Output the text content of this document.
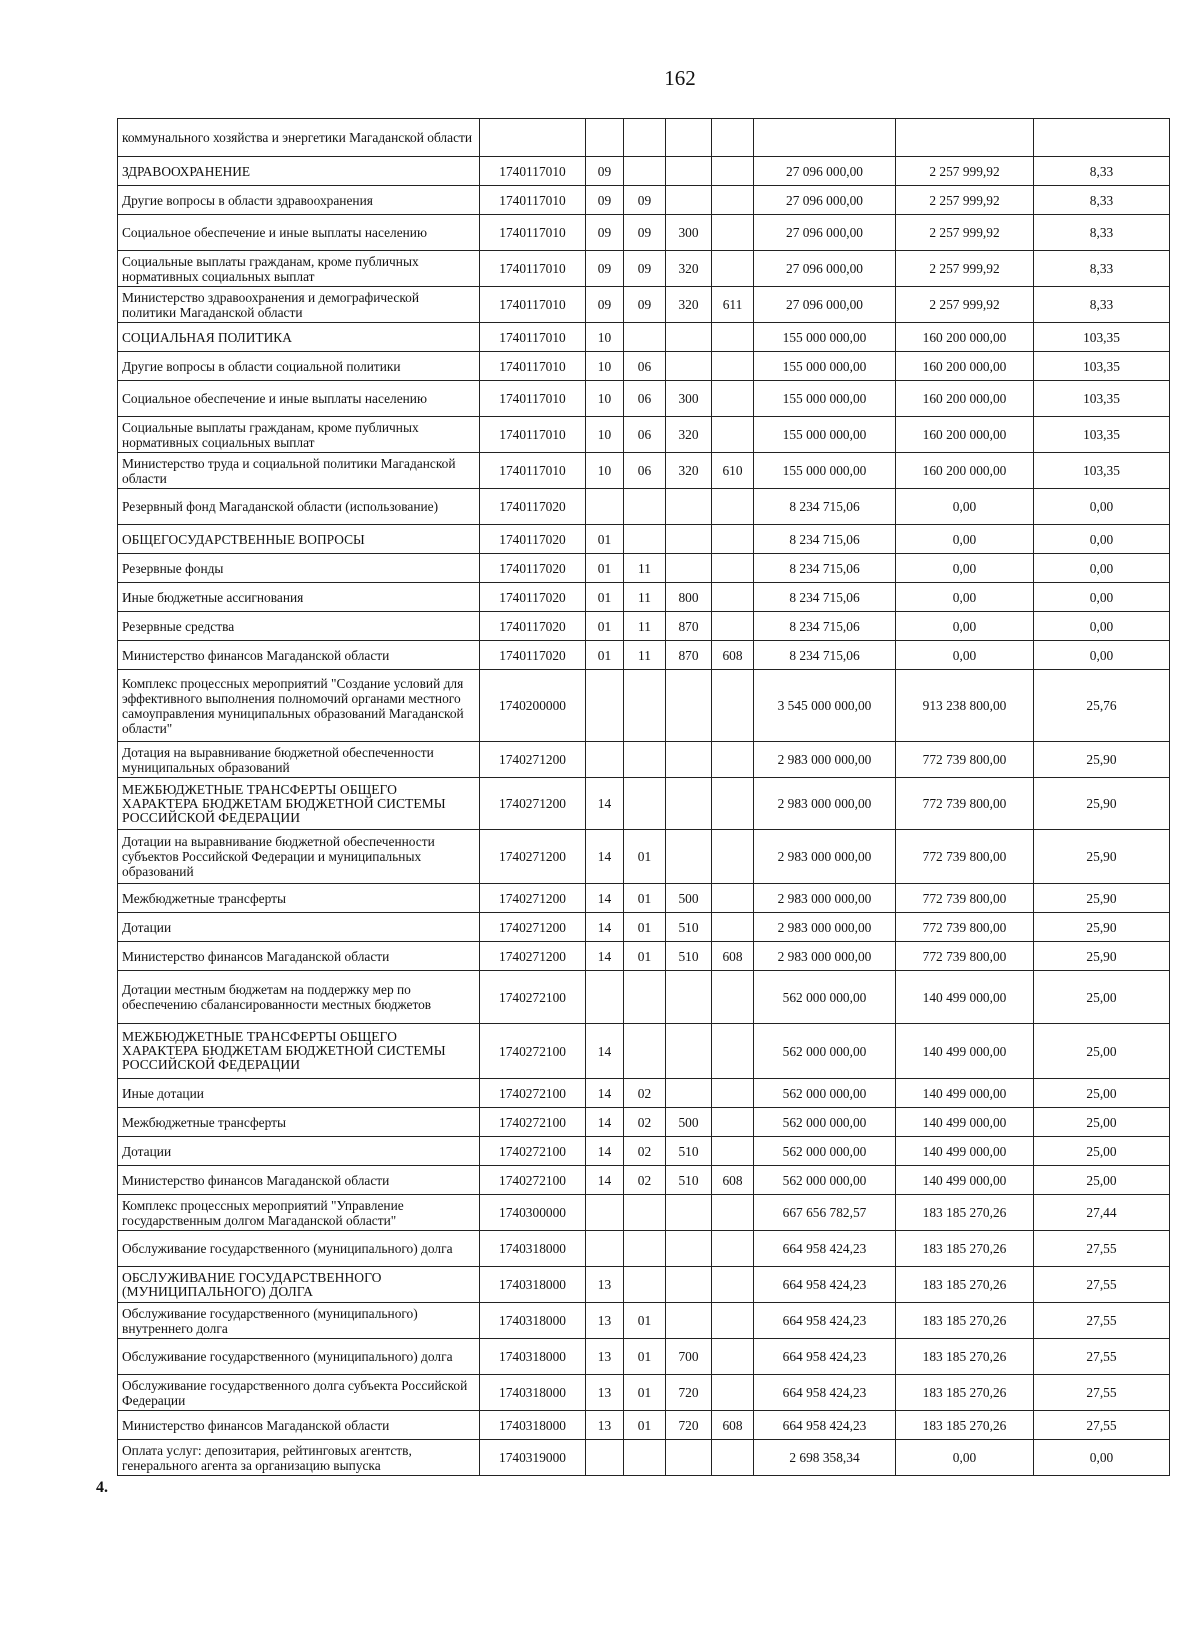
162
коммунального хозяйства и энергетики Магаданской области								
ЗДРАВООХРАНЕНИЕ	1740117010	09				27 096 000,00	2 257 999,92	8,33
Другие вопросы в области здравоохранения	1740117010	09	09			27 096 000,00	2 257 999,92	8,33
Социальное обеспечение и иные выплаты населению	1740117010	09	09	300		27 096 000,00	2 257 999,92	8,33
Социальные выплаты гражданам, кроме публичных нормативных социальных выплат	1740117010	09	09	320		27 096 000,00	2 257 999,92	8,33
Министерство здравоохранения и демографической политики Магаданской области	1740117010	09	09	320	611	27 096 000,00	2 257 999,92	8,33
СОЦИАЛЬНАЯ ПОЛИТИКА	1740117010	10				155 000 000,00	160 200 000,00	103,35
Другие вопросы в области социальной политики	1740117010	10	06			155 000 000,00	160 200 000,00	103,35
Социальное обеспечение и иные выплаты населению	1740117010	10	06	300		155 000 000,00	160 200 000,00	103,35
Социальные выплаты гражданам, кроме публичных нормативных социальных выплат	1740117010	10	06	320		155 000 000,00	160 200 000,00	103,35
Министерство труда и социальной политики Магаданской области	1740117010	10	06	320	610	155 000 000,00	160 200 000,00	103,35
Резервный фонд Магаданской области (использование)	1740117020					8 234 715,06	0,00	0,00
ОБЩЕГОСУДАРСТВЕННЫЕ ВОПРОСЫ	1740117020	01				8 234 715,06	0,00	0,00
Резервные фонды	1740117020	01	11			8 234 715,06	0,00	0,00
Иные бюджетные ассигнования	1740117020	01	11	800		8 234 715,06	0,00	0,00
Резервные средства	1740117020	01	11	870		8 234 715,06	0,00	0,00
Министерство финансов Магаданской области	1740117020	01	11	870	608	8 234 715,06	0,00	0,00
Комплекс процессных мероприятий "Создание условий для эффективного выполнения полномочий органами местного самоуправления муниципальных образований Магаданской области"	1740200000					3 545 000 000,00	913 238 800,00	25,76
Дотация на выравнивание бюджетной обеспеченности муниципальных образований	1740271200					2 983 000 000,00	772 739 800,00	25,90
МЕЖБЮДЖЕТНЫЕ ТРАНСФЕРТЫ ОБЩЕГО ХАРАКТЕРА БЮДЖЕТАМ БЮДЖЕТНОЙ СИСТЕМЫ РОССИЙСКОЙ ФЕДЕРАЦИИ	1740271200	14				2 983 000 000,00	772 739 800,00	25,90
Дотации на выравнивание бюджетной обеспеченности субъектов Российской Федерации и муниципальных образований	1740271200	14	01			2 983 000 000,00	772 739 800,00	25,90
Межбюджетные трансферты	1740271200	14	01	500		2 983 000 000,00	772 739 800,00	25,90
Дотации	1740271200	14	01	510		2 983 000 000,00	772 739 800,00	25,90
Министерство финансов Магаданской области	1740271200	14	01	510	608	2 983 000 000,00	772 739 800,00	25,90
Дотации местным бюджетам на поддержку мер по обеспечению сбалансированности местных бюджетов	1740272100					562 000 000,00	140 499 000,00	25,00
МЕЖБЮДЖЕТНЫЕ ТРАНСФЕРТЫ ОБЩЕГО ХАРАКТЕРА БЮДЖЕТАМ БЮДЖЕТНОЙ СИСТЕМЫ РОССИЙСКОЙ ФЕДЕРАЦИИ	1740272100	14				562 000 000,00	140 499 000,00	25,00
Иные дотации	1740272100	14	02			562 000 000,00	140 499 000,00	25,00
Межбюджетные трансферты	1740272100	14	02	500		562 000 000,00	140 499 000,00	25,00
Дотации	1740272100	14	02	510		562 000 000,00	140 499 000,00	25,00
Министерство финансов Магаданской области	1740272100	14	02	510	608	562 000 000,00	140 499 000,00	25,00
Комплекс процессных мероприятий "Управление государственным долгом Магаданской области"	1740300000					667 656 782,57	183 185 270,26	27,44
Обслуживание государственного (муниципального) долга	1740318000					664 958 424,23	183 185 270,26	27,55
ОБСЛУЖИВАНИЕ ГОСУДАРСТВЕННОГО (МУНИЦИПАЛЬНОГО) ДОЛГА	1740318000	13				664 958 424,23	183 185 270,26	27,55
Обслуживание государственного (муниципального) внутреннего долга	1740318000	13	01			664 958 424,23	183 185 270,26	27,55
Обслуживание государственного (муниципального) долга	1740318000	13	01	700		664 958 424,23	183 185 270,26	27,55
Обслуживание государственного долга субъекта Российской Федерации	1740318000	13	01	720		664 958 424,23	183 185 270,26	27,55
Министерство финансов Магаданской области	1740318000	13	01	720	608	664 958 424,23	183 185 270,26	27,55
Оплата услуг: депозитария, рейтинговых агентств, генерального агента за организацию выпуска	1740319000					2 698 358,34	0,00	0,00
4.
